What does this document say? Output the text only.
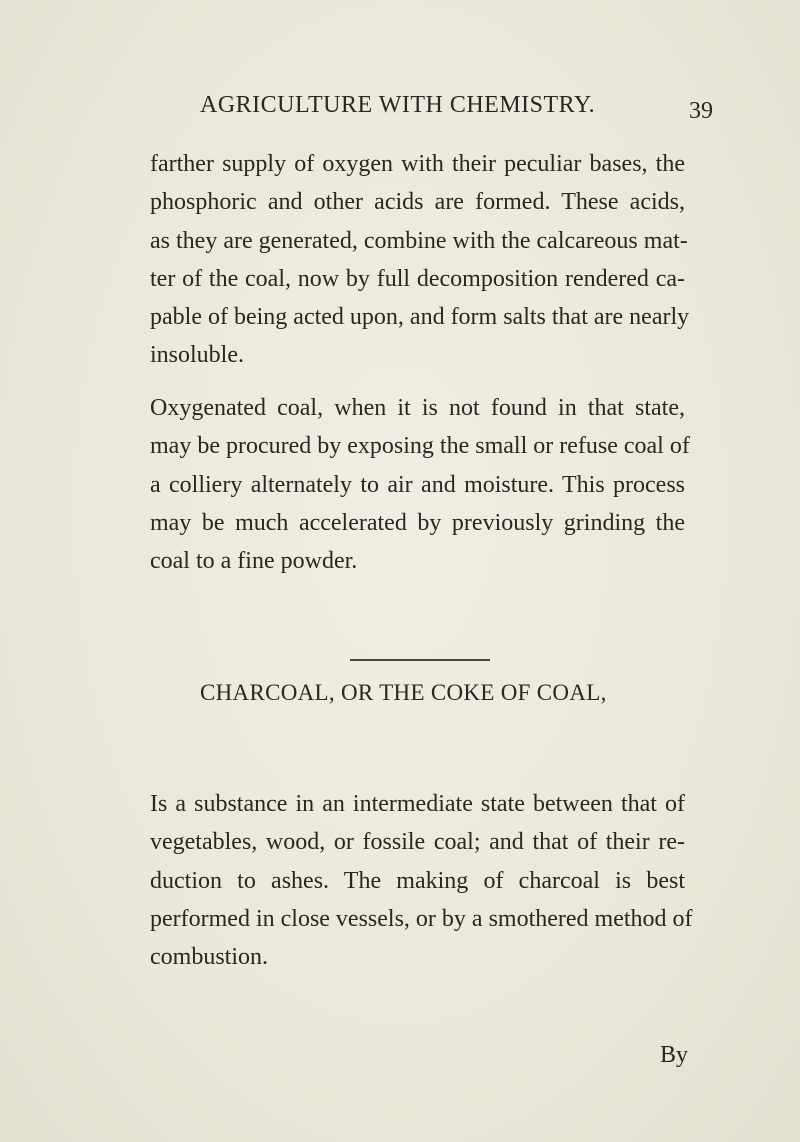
AGRICULTURE WITH CHEMISTRY.	39
farther supply of oxygen with their peculiar bases, the
phosphoric and other acids are formed. These acids,
as they are generated, combine with the calcareous mat-
ter of the coal, now by full decomposition rendered ca-
pable of being acted upon, and form salts that are nearly
insoluble.
Oxygenated coal, when it is not found in that state,
may be procured by exposing the small or refuse coal of
a colliery alternately to air and moisture. This process
may be much accelerated by previously grinding the
coal to a fine powder.
CHARCOAL, OR THE COKE OF COAL,
Is a substance in an intermediate state between that of
vegetables, wood, or fossile coal; and that of their re-
duction to ashes. The making of charcoal is best
performed in close vessels, or by a smothered method of
combustion.
By
